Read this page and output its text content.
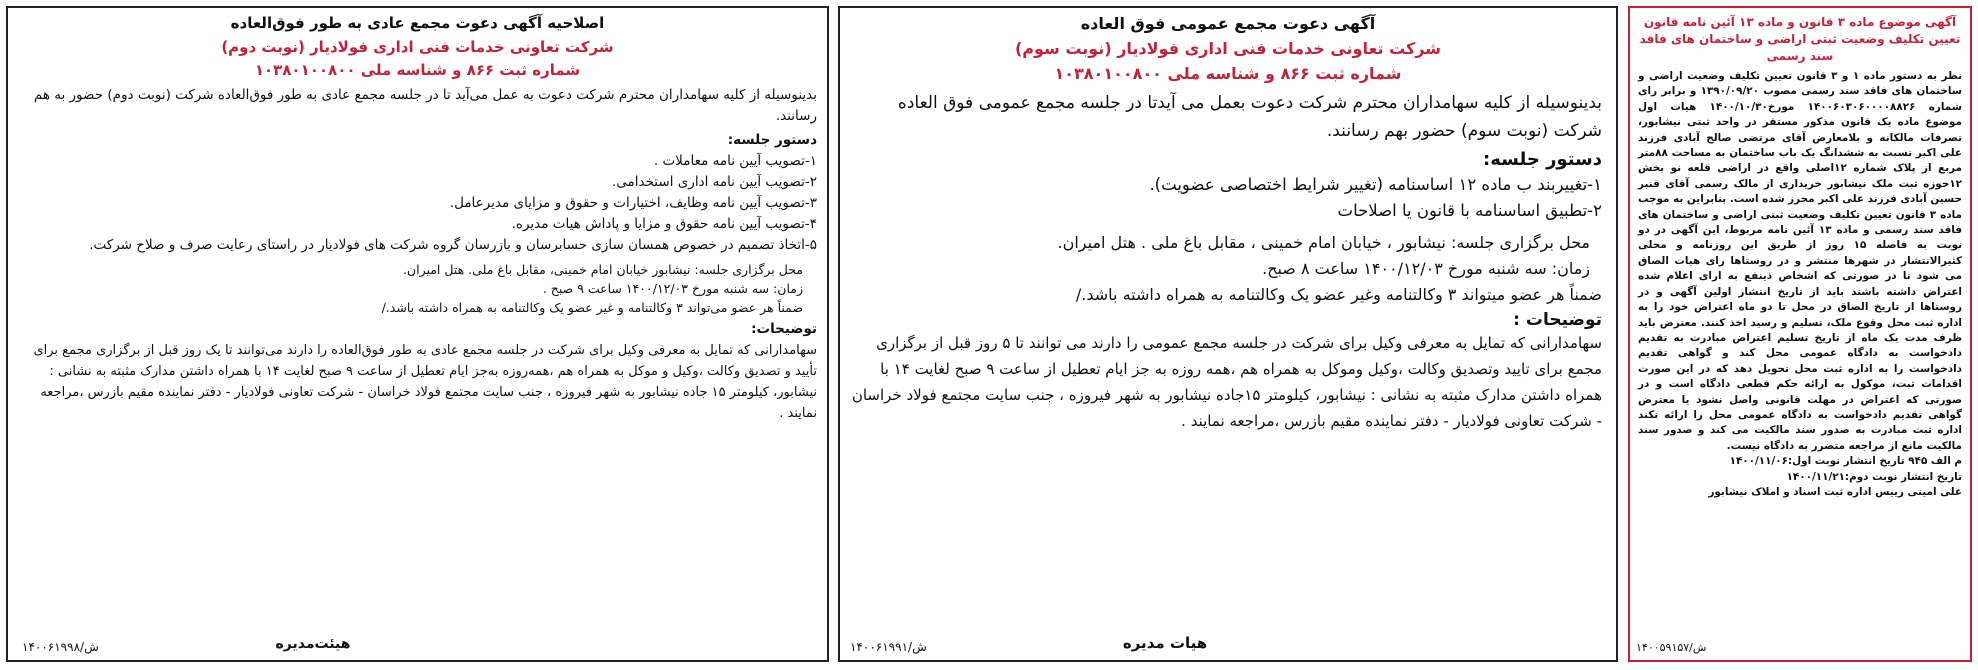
اصلاحیه آگهی دعوت مجمع عادی به طور فوق‌العاده
شرکت تعاونی خدمات فنی اداری فولادیار (نوبت دوم)
شماره ثبت ۸۶۶ و شناسه ملی ۱۰۳۸۰۱۰۰۸۰۰

بدینوسیله از کلیه سهامداران محترم شرکت دعوت به عمل می‌آید تا در جلسه مجمع عادی به طور فوق‌العاده شرکت (نوبت دوم) حضور به هم رسانند.

دستور جلسه:
۱-تصویب آیین نامه معاملات .
۲-تصویب آیین نامه اداری استخدامی.
۳-تصویب آیین نامه وظایف، اختیارات و حقوق و مزایای مدیرعامل.
۴-تصویب آیین نامه حقوق و مزایا و پاداش هیات مدیره.
۵-اتخاذ تصمیم در خصوص همسان سازی حسابرسان و بازرسان گروه شرکت های فولادیار در راستای رعایت صرف و صلاح شرکت.
محل برگزاری جلسه: نیشابور خیابان امام خمینی، مقابل باغ ملی. هتل امیران.
زمان: سه شنبه مورخ ۱۴۰۰/۱۲/۰۳ ساعت ۹ صبح .
ضمناً هر عضو می‌تواند ۳ وکالتنامه و غیر عضو یک وکالتنامه به همراه داشته باشد./
توضیحات:

سهامدارانی که تمایل به معرفی وکیل برای شرکت در جلسه مجمع عادی به طور فوق‌العاده را دارند می‌توانند تا یک روز قبل از برگزاری مجمع برای تأیید و تصدیق وکالت ،وکیل و موکل به همراه هم ،همه‌روزه به‌جز ایام تعطیل از ساعت ۹ صبح لغایت ۱۴ با همراه داشتن مدارک مثبته به نشانی : نیشابور، کیلومتر ۱۵ جاده نیشابور به شهر فیروزه ، جنب سایت مجتمع فولاد خراسان - شرکت تعاونی فولادیار - دفتر نماینده مقیم بازرس ،مراجعه نمایند .

هیئت‌مدیره
۱۴۰۰۶۱۹۹۸/ش
آگهی دعوت مجمع عمومی فوق العاده
شرکت تعاونی خدمات فنی اداری فولادیار (نوبت سوم)
شماره ثبت ۸۶۶ و شناسه ملی ۱۰۳۸۰۱۰۰۸۰۰

بدینوسیله از کلیه سهامداران محترم شرکت دعوت بعمل می آیدتا در جلسه مجمع عمومی فوق العاده شرکت (نوبت سوم) حضور بهم رسانند.

دستور جلسه:
۱-تغییربند ب ماده ۱۲ اساسنامه (تغییر شرایط اختصاصی عضویت).
۲-تطبیق اساسنامه با قانون یا اصلاحات
محل برگزاری جلسه: نیشابور ، خیابان امام خمینی ، مقابل باغ ملی . هتل امیران.
زمان: سه شنبه مورخ ۱۴۰۰/۱۲/۰۳ ساعت ۸ صبح.
ضمناً هر عضو میتواند ۳ وکالتنامه وغیر عضو یک وکالتنامه به همراه داشته باشد./
توضیحات :

سهامدارانی که تمایل به معرفی وکیل برای شرکت در جلسه مجمع عمومی را دارند می توانند تا ۵ روز قبل از برگزاری مجمع برای تایید وتصدیق وکالت ،وکیل وموکل به همراه هم ،همه روزه به جز ایام تعطیل از ساعت ۹ صبح لغایت ۱۴ با همراه داشتن مدارک مثبته به نشانی : نیشابور، کیلومتر ۱۵جاده نیشابور به شهر فیروزه ، جنب سایت مجتمع فولاد خراسان - شرکت تعاونی فولادیار - دفتر نماینده مقیم بازرس ،مراجعه نمایند .

هیات مدیره
۱۴۰۰۶۱۹۹۱/ش
آگهی موضوع ماده ۳ قانون و ماده ۱۳ آئین نامه قانون تعیین تکلیف وضعیت ثبتی اراضی و ساختمان های فاقد سند رسمی

نظر به دستور ماده ۱ و ۳ قانون تعیین تکلیف وضعیت اراضی و ساختمان های فاقد سند رسمی مصوب ۱۳۹۰/۰۹/۲۰ و برابر رای شماره ۱۴۰۰۶۰۳۰۶۰۰۰۰۸۸۲۶ مورخ۱۴۰۰/۱۰/۳۰ هیات اول موضوع ماده یک قانون مذکور مستقر در واحد ثبتی نیشابور، تصرفات مالکانه و بلامعارض آقای مرتضی صالح آبادی فرزند علی اکبر نسبت به ششدانگ یک باب ساختمان به مساحت ۸۸متر مربع از پلاک شماره ۱۲اصلی واقع در اراضی قلعه نو بخش ۱۲حوزه ثبت ملک نیشابور خریداری از مالک رسمی آقای قنبر حسین آبادی فرزند علی اکبر محرز شده است. بنابراین به موجب ماده ۳ قانون تعیین تکلیف وضعیت ثبتی اراضی و ساختمان های فاقد سند رسمی و ماده ۱۳ آئین نامه مربوط، این آگهی در دو نوبت به فاصله ۱۵ روز از طریق این روزنامه و محلی کثیرالانتشار در شهرها منتشر و در روستاها رای هیات الصاق می شود تا در صورتی که اشخاص ذینفع به ارای اعلام شده اعتراض داشته باشند باید از تاریخ انتشار اولین آگهی و در روستاها از تاریخ الصاق در محل تا دو ماه اعتراض خود را به اداره ثبت محل وقوع ملک، تسلیم و رسید اخذ کنند. معترض باید ظرف مدت یک ماه از تاریخ تسلیم اعتراض مبادرت به تقدیم دادخواست به دادگاه عمومی محل کند و گواهی تقدیم دادخواست را به اداره ثبت محل تحویل دهد که در این صورت اقدامات ثبت، موکول به ارائه حکم قطعی دادگاه است و در صورتی که اعتراض در مهلت قانونی واصل نشود یا معترض گواهی تقدیم دادخواست به دادگاه عمومی محل را ارائه نکند اداره ثبت مبادرت به صدور سند مالکیت می کند و صدور سند مالکیت مانع از مراجعه متضرر به دادگاه نیست.

م الف ۹۴۵ تاریخ انتشار نوبت اول:۱۴۰۰/۱۱/۰۶
تاریخ انتشار نوبت دوم:۱۴۰۰/۱۱/۲۱
علی امینی رییس اداره ثبت اسناد و املاک نیشابور
۱۴۰۰۵۹۱۵۷/ش
